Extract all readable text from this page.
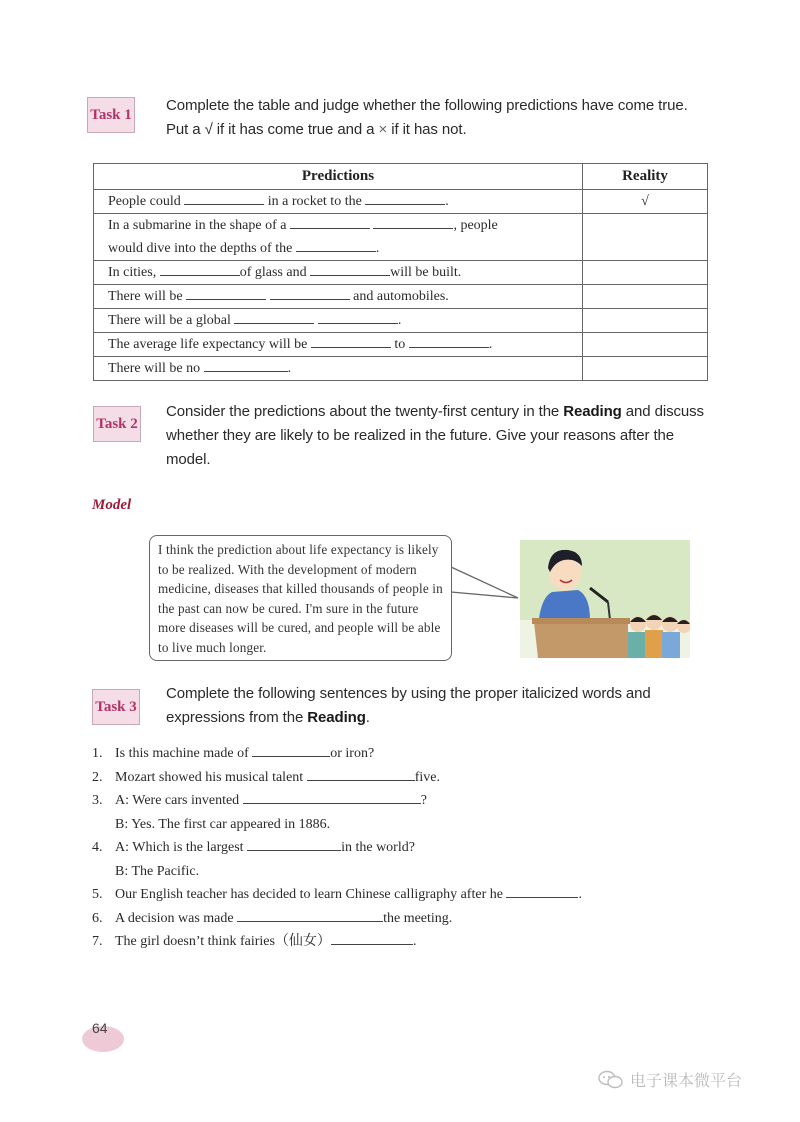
Task 1
Complete the table and judge whether the following predictions have come true.
Put a √ if it has come true and a × if it has not.
Predictions	Reality
People could in a rocket to the .	√

In a submarine in the shape of a , people
would dive into the depths of the .	

In cities, of glass and will be built.	
There will be and automobiles.	
There will be a global .	
The average life expectancy will be to .	
There will be no .	
Task 2
Consider the predictions about the twenty-first century in the Reading and discuss
whether they are likely to be realized in the future. Give your reasons after the
model.
Model
I think the prediction about life expectancy is likely to be realized. With the development of modern medicine, diseases that killed thousands of people in the past can now be cured. I'm sure in the future more diseases will be cured, and people will be able to live much longer.
Task 3
Complete the following sentences by using the proper italicized words and
expressions from the Reading.
1. Is this machine made of	or iron?
2. Mozart showed his musical talent	five.
3. A: Were cars invented	?
B: Yes. The first car appeared in 1886.
4. A: Which is the largest	in the world?
B: The Pacific.
5. Our English teacher has decided to learn Chinese calligraphy after he	.
6. A decision was made	the meeting.
7. The girl doesn’t think fairies（仙女）	.
64
电子课本微平台
